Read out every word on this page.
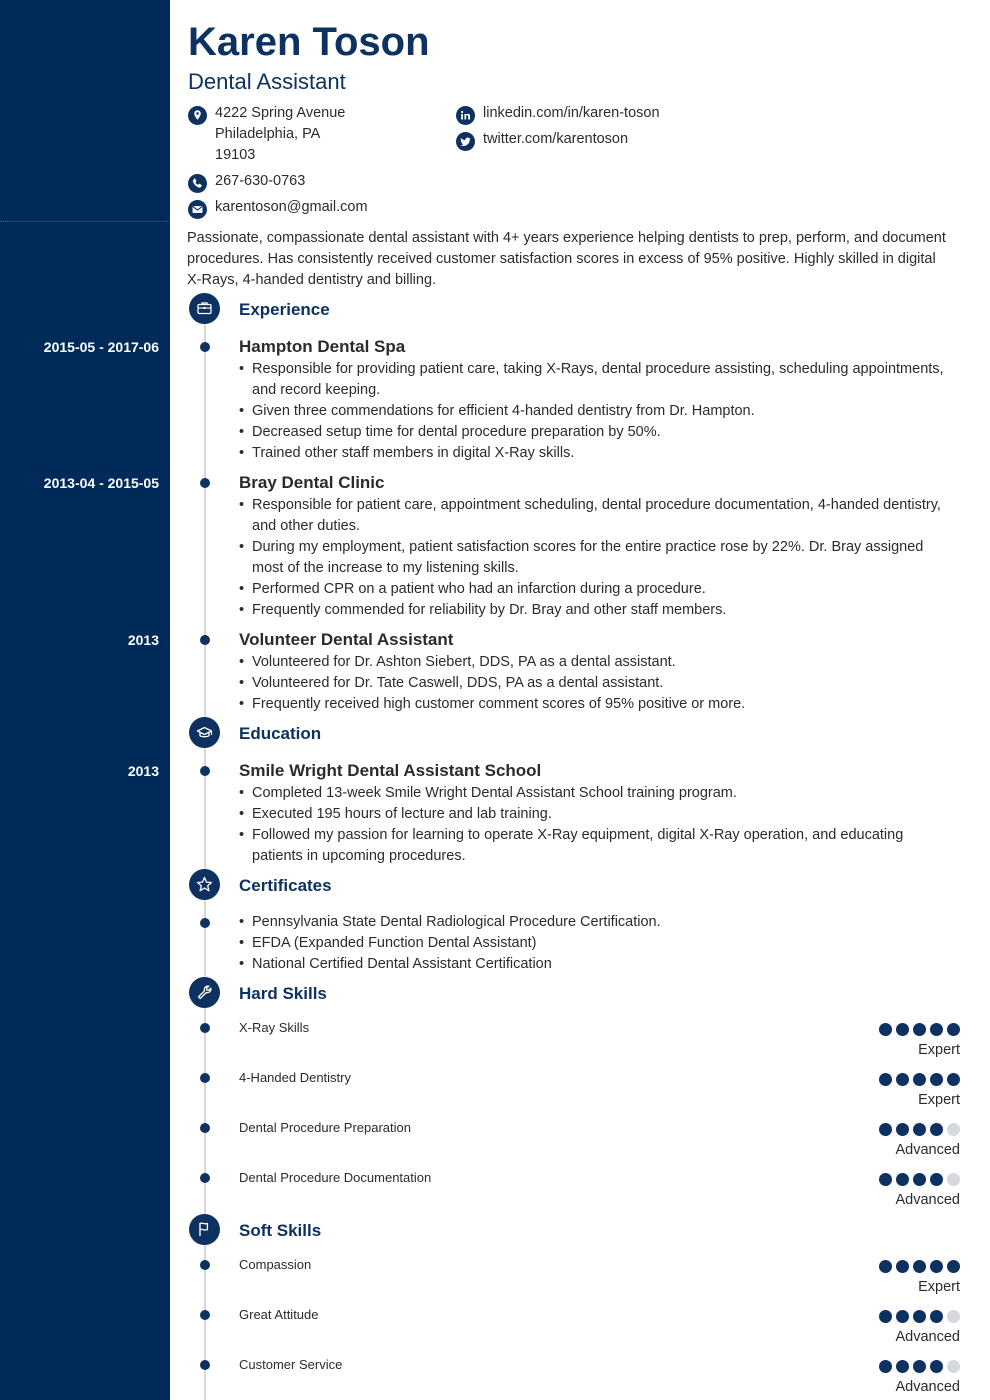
Karen Toson
Dental Assistant
4222 Spring Avenue
Philadelphia, PA
19103
267-630-0763
karentoson@gmail.com
linkedin.com/in/karen-toson
twitter.com/karentoson
Passionate, compassionate dental assistant with 4+ years experience helping dentists to prep, perform, and document procedures. Has consistently received customer satisfaction scores in excess of 95% positive. Highly skilled in digital X-Rays, 4-handed dentistry and billing.
Experience
2015-05 - 2017-06	Hampton Dental Spa
• Responsible for providing patient care, taking X-Rays, dental procedure assisting, scheduling appointments, and record keeping.
• Given three commendations for efficient 4-handed dentistry from Dr. Hampton.
• Decreased setup time for dental procedure preparation by 50%.
• Trained other staff members in digital X-Ray skills.
2013-04 - 2015-05	Bray Dental Clinic
• Responsible for patient care, appointment scheduling, dental procedure documentation, 4-handed dentistry, and other duties.
• During my employment, patient satisfaction scores for the entire practice rose by 22%. Dr. Bray assigned most of the increase to my listening skills.
• Performed CPR on a patient who had an infarction during a procedure.
• Frequently commended for reliability by Dr. Bray and other staff members.
2013	Volunteer Dental Assistant
• Volunteered for Dr. Ashton Siebert, DDS, PA as a dental assistant.
• Volunteered for Dr. Tate Caswell, DDS, PA as a dental assistant.
• Frequently received high customer comment scores of 95% positive or more.
Education
2013	Smile Wright Dental Assistant School
• Completed 13-week Smile Wright Dental Assistant School training program.
• Executed 195 hours of lecture and lab training.
• Followed my passion for learning to operate X-Ray equipment, digital X-Ray operation, and educating patients in upcoming procedures.
Certificates
• Pennsylvania State Dental Radiological Procedure Certification.
• EFDA (Expanded Function Dental Assistant)
• National Certified Dental Assistant Certification
Hard Skills
X-Ray Skills
Expert
4-Handed Dentistry
Expert
Dental Procedure Preparation
Advanced
Dental Procedure Documentation
Advanced
Soft Skills
Compassion
Expert
Great Attitude
Advanced
Customer Service
Advanced
